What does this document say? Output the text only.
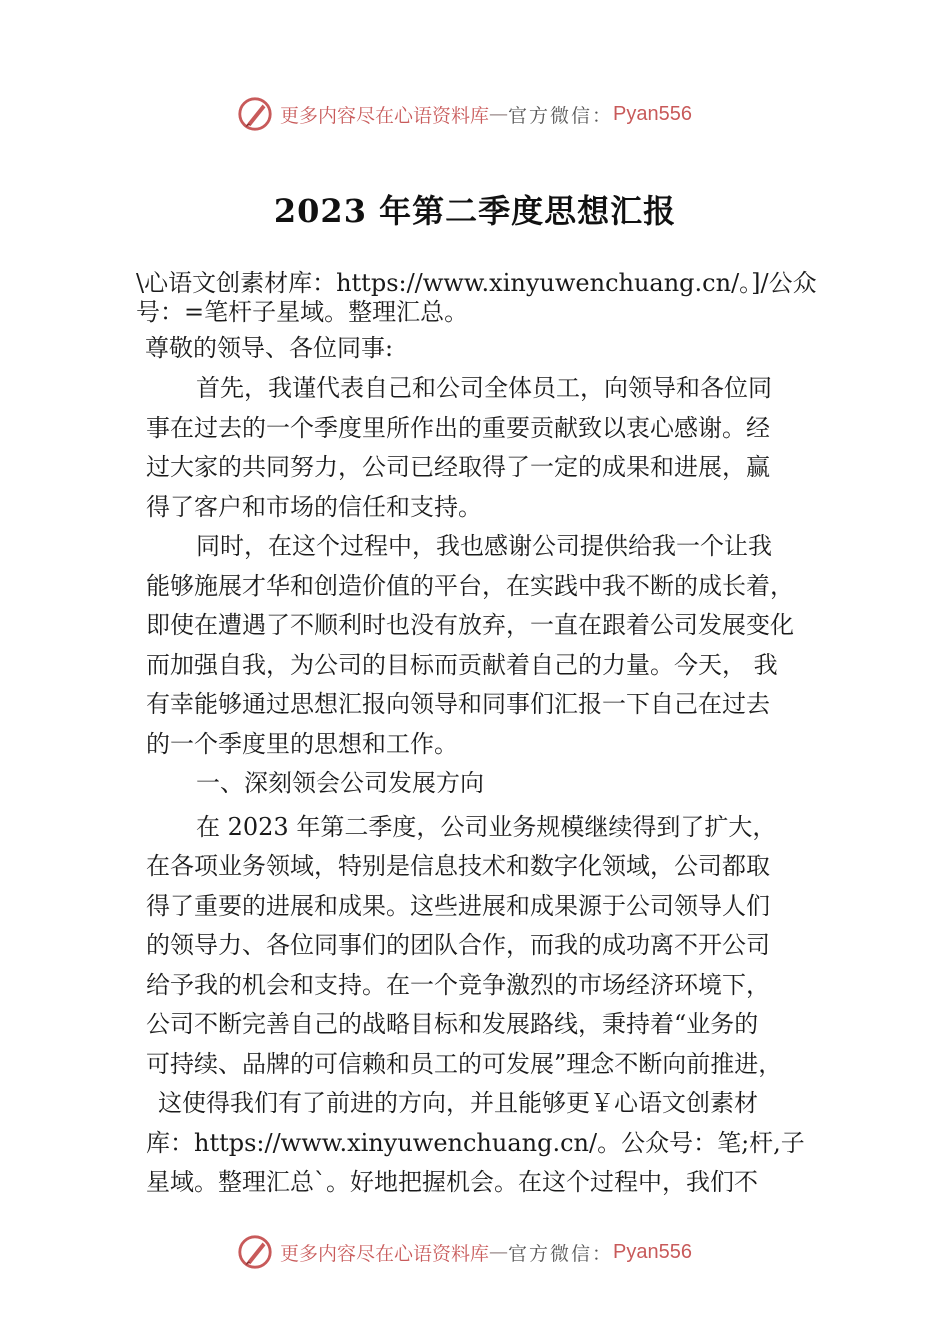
更多内容尽在心语资料库 — 官方微信： Pyan556
2023 年第二季度思想汇报
\心语文创素材库：https://www.xinyuwenchuang.cn/。]/公众
号：=笔杆子星域。整理汇总。
尊敬的领导、各位同事:
首先，我谨代表自己和公司全体员工，向领导和各位同
事在过去的一个季度里所作出的重要贡献致以衷心感谢。经
过大家的共同努力，公司已经取得了一定的成果和进展，赢
得了客户和市场的信任和支持。
同时，在这个过程中，我也感谢公司提供给我一个让我
能够施展才华和创造价值的平台，在实践中我不断的成长着，
即使在遭遇了不顺利时也没有放弃，一直在跟着公司发展变化
而加强自我，为公司的目标而贡献着自己的力量。今天， 我
有幸能够通过思想汇报向领导和同事们汇报一下自己在过去
的一个季度里的思想和工作。
一、深刻领会公司发展方向
在 2023 年第二季度，公司业务规模继续得到了扩大，
在各项业务领域，特别是信息技术和数字化领域，公司都取
得了重要的进展和成果。这些进展和成果源于公司领导人们
的领导力、各位同事们的团队合作，而我的成功离不开公司
给予我的机会和支持。在一个竞争激烈的市场经济环境下，
公司不断完善自己的战略目标和发展路线，秉持着“业务的
可持续、品牌的可信赖和员工的可发展”理念不断向前推进，
这使得我们有了前进的方向，并且能够更￥心语文创素材
库：https://www.xinyuwenchuang.cn/。公众号：笔;杆,子
星域。整理汇总`。好地把握机会。在这个过程中，我们不
更多内容尽在心语资料库 — 官方微信： Pyan556
